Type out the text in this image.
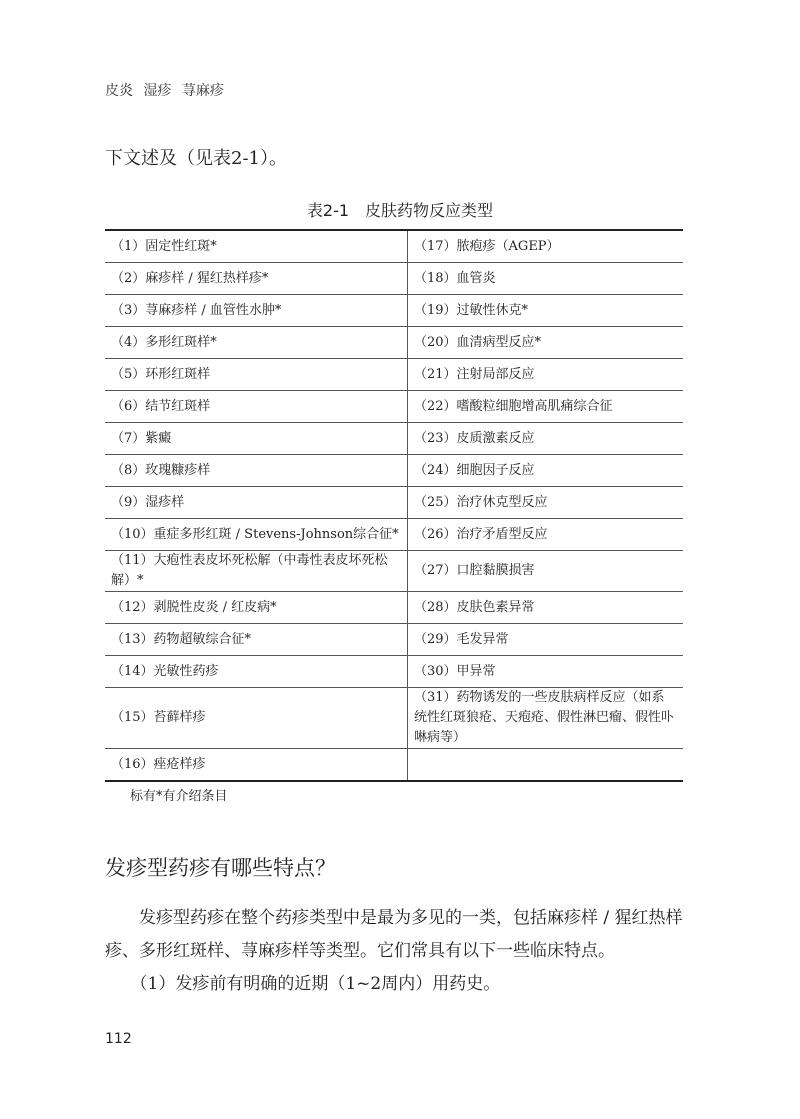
皮炎 湿疹 荨麻疹
下文述及（见表2-1）。
表2-1　皮肤药物反应类型
（1）固定性红斑*	（17）脓疱疹（AGEP）
（2）麻疹样 / 猩红热样疹*	（18）血管炎
（3）荨麻疹样 / 血管性水肿*	（19）过敏性休克*
（4）多形红斑样*	（20）血清病型反应*
（5）环形红斑样	（21）注射局部反应
（6）结节红斑样	（22）嗜酸粒细胞增高肌痛综合征
（7）紫癜	（23）皮质激素反应
（8）玫瑰糠疹样	（24）细胞因子反应
（9）湿疹样	（25）治疗休克型反应
（10）重症多形红斑 / Stevens-Johnson综合征*	（26）治疗矛盾型反应
（11）大疱性表皮坏死松解（中毒性表皮坏死松解）*	（27）口腔黏膜损害
（12）剥脱性皮炎 / 红皮病*	（28）皮肤色素异常
（13）药物超敏综合征*	（29）毛发异常
（14）光敏性药疹	（30）甲异常
（15）苔藓样疹	（31）药物诱发的一些皮肤病样反应（如系统性红斑狼疮、天疱疮、假性淋巴瘤、假性卟啉病等）
（16）痤疮样疹	
标有*有介绍条目
发疹型药疹有哪些特点？
　　发疹型药疹在整个药疹类型中是最为多见的一类，包括麻疹样 / 猩红热样疹、多形红斑样、荨麻疹样等类型。它们常具有以下一些临床特点。
　　（1）发疹前有明确的近期（1~2周内）用药史。
112
